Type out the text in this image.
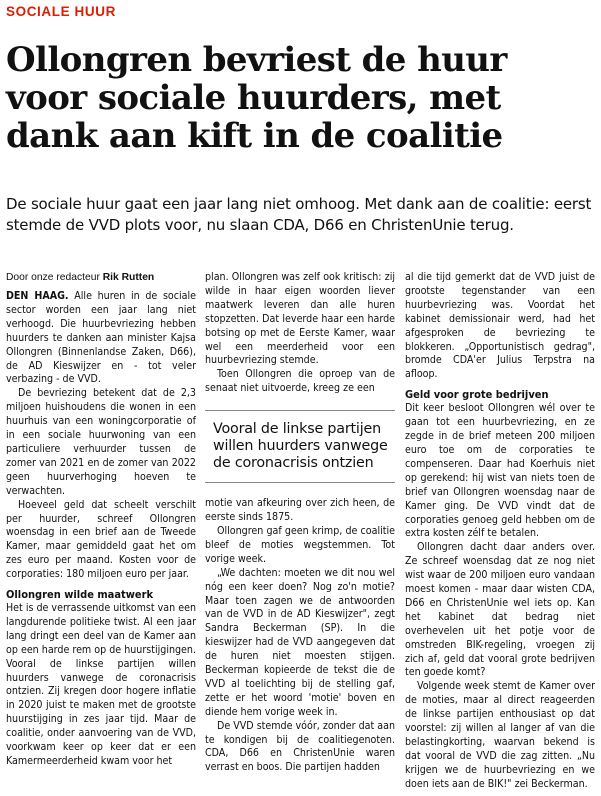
SOCIALE HUUR
Ollongren bevriest de huur voor sociale huurders, met dank aan kift in de coalitie

De sociale huur gaat een jaar lang niet omhoog. Met dank aan de coalitie: eerst stemde de VVD plots voor, nu slaan CDA, D66 en ChristenUnie terug.

Door onze redacteur Rik Rutten

DEN HAAG. Alle huren in de sociale sector worden een jaar lang niet verhoogd. Die huurbevriezing hebben huurders te danken aan minister Kajsa Ollongren (Binnenlandse Zaken, D66), de AD Kieswijzer en - tot veler verbazing - de VVD.

De bevriezing betekent dat de 2,3 miljoen huishoudens die wonen in een huurhuis van een woningcorporatie of in een sociale huurwoning van een particuliere verhuurder tussen de zomer van 2021 en de zomer van 2022 geen huurverhoging hoeven te verwachten.

Hoeveel geld dat scheelt verschilt per huurder, schreef Ollongren woensdag in een brief aan de Tweede Kamer, maar gemiddeld gaat het om zes euro per maand. Kosten voor de corporaties: 180 miljoen euro per jaar.

Ollongren wilde maatwerk

Het is de verrassende uitkomst van een langdurende politieke twist. Al een jaar lang dringt een deel van de Kamer aan op een harde rem op de huurstijgingen. Vooral de linkse partijen willen huurders vanwege de coronacrisis ontzien. Zij kregen door hogere inflatie in 2020 juist te maken met de grootste huurstijging in zes jaar tijd. Maar de coalitie, onder aanvoering van de VVD, voorkwam keer op keer dat er een Kamermeerderheid kwam voor het

plan. Ollongren was zelf ook kritisch: zij wilde in haar eigen woorden liever maatwerk leveren dan alle huren stopzetten. Dat leverde haar een harde botsing op met de Eerste Kamer, waar wel een meerderheid voor een huurbevriezing stemde.

Toen Ollongren die oproep van de senaat niet uitvoerde, kreeg ze een

Vooral de linkse partijen willen huurders vanwege de coronacrisis ontzien

motie van afkeuring over zich heen, de eerste sinds 1875.

Ollongren gaf geen krimp, de coalitie bleef de moties wegstemmen. Tot vorige week.

„We dachten: moeten we dit nou wel nóg een keer doen? Nog zo'n motie? Maar toen zagen we de antwoorden van de VVD in de AD Kieswijzer", zegt Sandra Beckerman (SP). In die kieswijzer had de VVD aangegeven dat de huren niet moesten stijgen. Beckerman kopieerde de tekst die de VVD al toelichting bij de stelling gaf, zette er het woord 'motie' boven en diende hem vorige week in.

De VVD stemde vóór, zonder dat aan te kondigen bij de coalitiegenoten. CDA, D66 en ChristenUnie waren verrast en boos. Die partijen hadden

al die tijd gemerkt dat de VVD juist de grootste tegenstander van een huurbevriezing was. Voordat het kabinet demissionair werd, had het afgesproken de bevriezing te blokkeren. „Opportunistisch gedrag", bromde CDA'er Julius Terpstra na afloop.

Geld voor grote bedrijven

Dit keer besloot Ollongren wél over te gaan tot een huurbevriezing, en ze zegde in de brief meteen 200 miljoen euro toe om de corporaties te compenseren. Daar had Koerhuis niet op gerekend: hij wist van niets toen de brief van Ollongren woensdag naar de Kamer ging. De VVD vindt dat de corporaties genoeg geld hebben om de extra kosten zélf te betalen.

Ollongren dacht daar anders over. Ze schreef woensdag dat ze nog niet wist waar de 200 miljoen euro vandaan moest komen - maar daar wisten CDA, D66 en ChristenUnie wel iets op. Kan het kabinet dat bedrag niet overhevelen uit het potje voor de omstreden BIK-regeling, vroegen zij zich af, geld dat vooral grote bedrijven ten goede komt?

Volgende week stemt de Kamer over de moties, maar al direct reageerden de linkse partijen enthousiast op dat voorstel: zij willen al langer af van die belastingkorting, waarvan bekend is dat vooral de VVD die zag zitten. „Nu krijgen we de huurbevriezing en we doen iets aan de BIK!" zei Beckerman.
